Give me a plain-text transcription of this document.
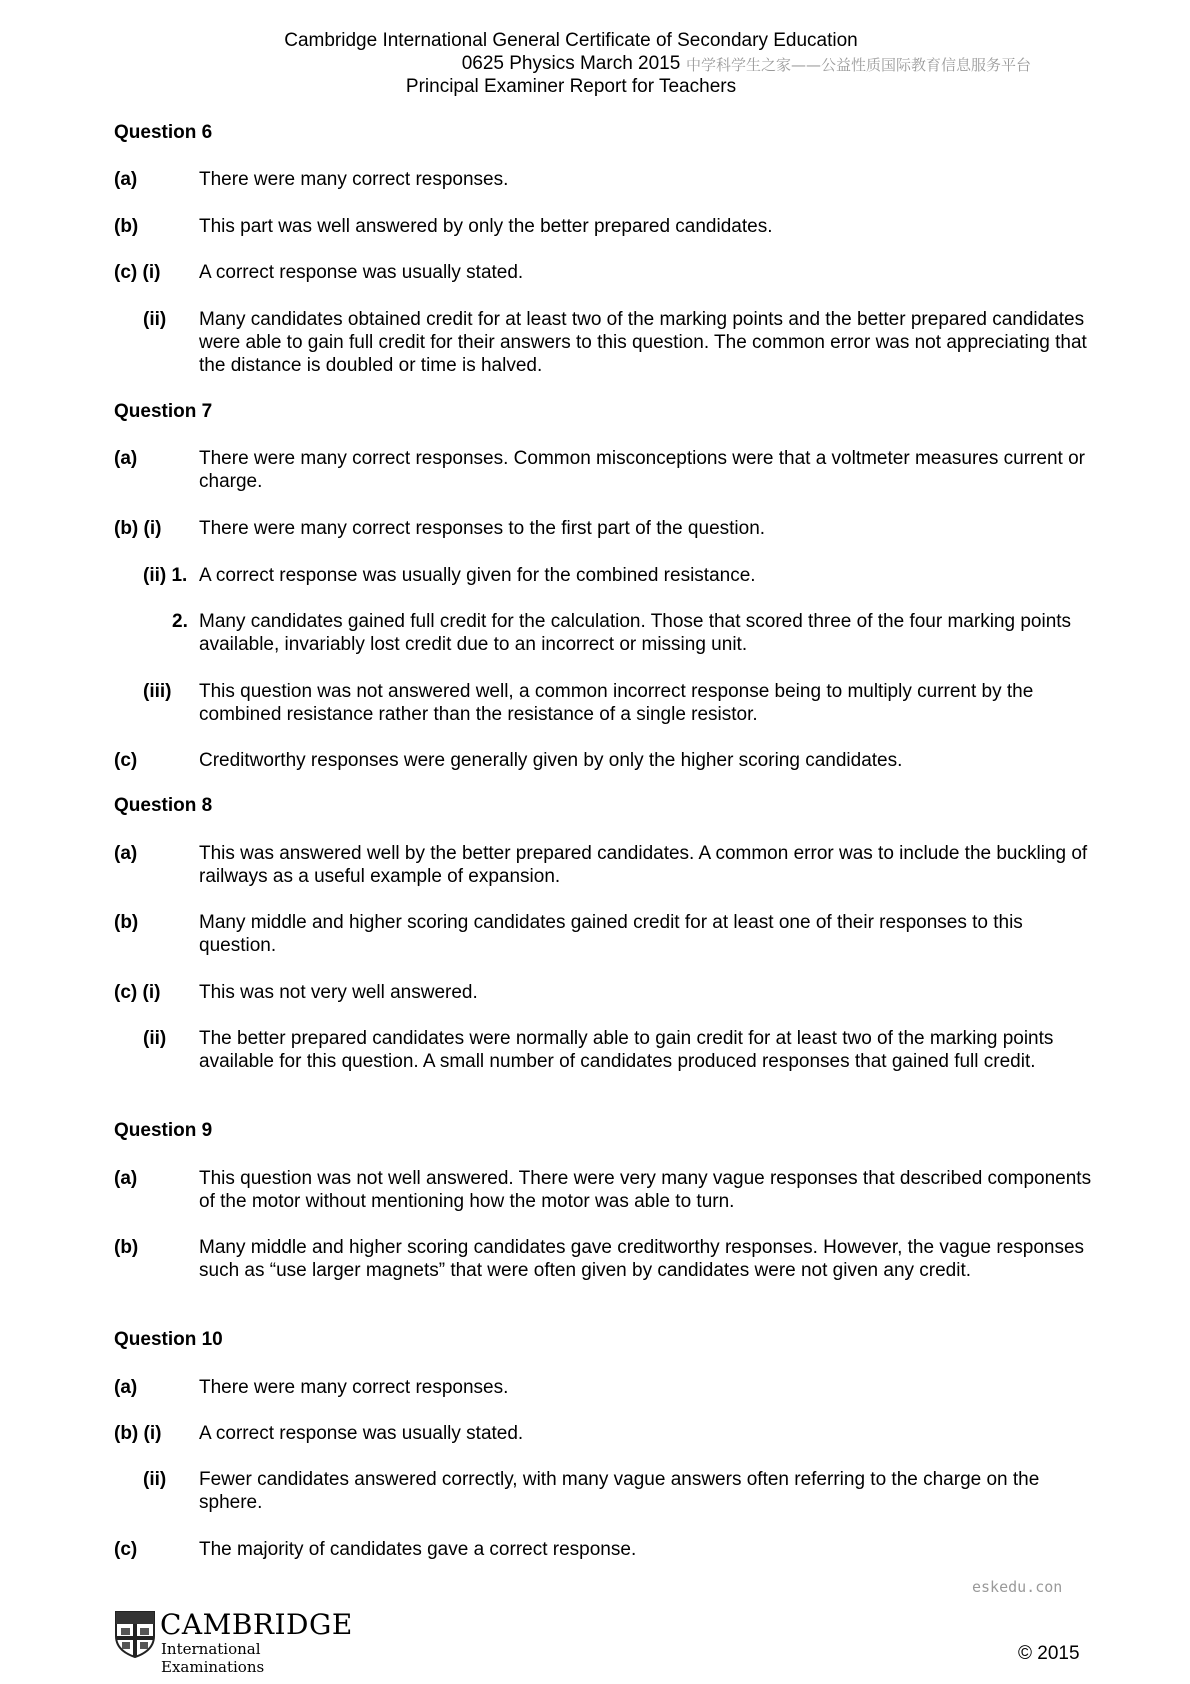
Cambridge International General Certificate of Secondary Education
0625 Physics March 2015
Principal Examiner Report for Teachers
中学科学生之家——公益性质国际教育信息服务平台
Question 6
(a)	There were many correct responses.
(b)	This part was well answered by only the better prepared candidates.
(c) (i) A correct response was usually stated.
(ii) Many candidates obtained credit for at least two of the marking points and the better prepared candidates were able to gain full credit for their answers to this question. The common error was not appreciating that the distance is doubled or time is halved.
Question 7
(a)	There were many correct responses. Common misconceptions were that a voltmeter measures current or charge.
(b) (i) There were many correct responses to the first part of the question.
(ii) 1. A correct response was usually given for the combined resistance.
2. Many candidates gained full credit for the calculation. Those that scored three of the four marking points available, invariably lost credit due to an incorrect or missing unit.
(iii) This question was not answered well, a common incorrect response being to multiply current by the combined resistance rather than the resistance of a single resistor.
(c)	Creditworthy responses were generally given by only the higher scoring candidates.
Question 8
(a)	This was answered well by the better prepared candidates. A common error was to include the buckling of railways as a useful example of expansion.
(b)	Many middle and higher scoring candidates gained credit for at least one of their responses to this question.
(c) (i) This was not very well answered.
(ii) The better prepared candidates were normally able to gain credit for at least two of the marking points available for this question. A small number of candidates produced responses that gained full credit.
Question 9
(a)	This question was not well answered. There were very many vague responses that described components of the motor without mentioning how the motor was able to turn.
(b)	Many middle and higher scoring candidates gave creditworthy responses. However, the vague responses such as “use larger magnets” that were often given by candidates were not given any credit.
Question 10
(a)	There were many correct responses.
(b) (i) A correct response was usually stated.
(ii) Fewer candidates answered correctly, with many vague answers often referring to the charge on the sphere.
(c)	The majority of candidates gave a correct response.
eskedu.con
CAMBRIDGE
International Examinations
© 2015
